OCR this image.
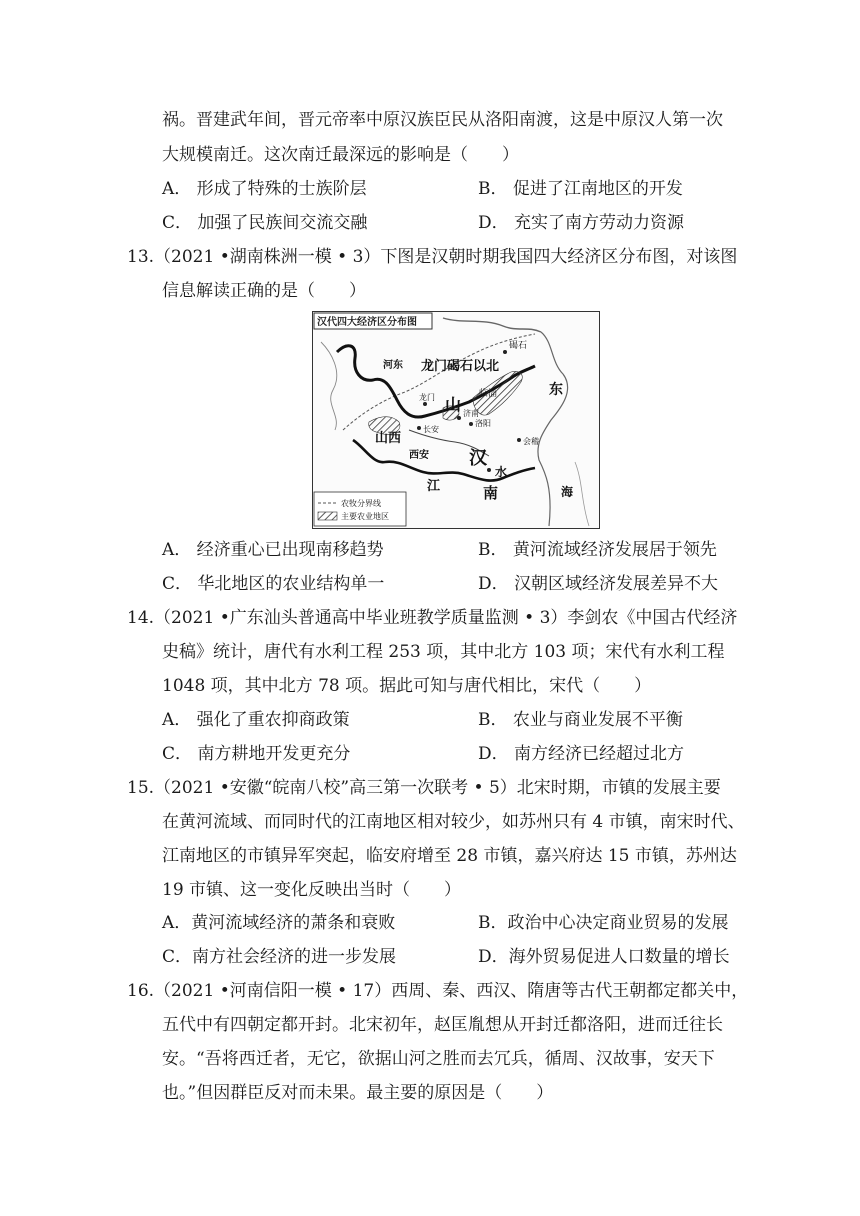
祸。晋建武年间，晋元帝率中原汉族臣民从洛阳南渡，这是中原汉人第一次
大规模南迁。这次南迁最深远的影响是（　　）
A． 形成了特殊的士族阶层	B． 促进了江南地区的开发
C． 加强了民族间交流交融	D． 充实了南方劳动力资源
13.（2021 •湖南株洲一模 • 3）下图是汉朝时期我国四大经济区分布图，对该图
信息解读正确的是（　　）
汉代四大经济区分布图
龙门碣石以北
碣石
临淄
山
东
河东
龙门
济南
洛阳
长安
山西
西安
会稽
汉
水
江	南	海
农牧分界线
主要农业地区
A． 经济重心已出现南移趋势	B． 黄河流域经济发展居于领先
C． 华北地区的农业结构单一	D． 汉朝区域经济发展差异不大
14.（2021 •广东汕头普通高中毕业班教学质量监测 • 3）李剑农《中国古代经济
史稿》统计，唐代有水利工程 253 项，其中北方 103 项；宋代有水利工程
1048 项，其中北方 78 项。据此可知与唐代相比，宋代（　　）
A． 强化了重农抑商政策	B． 农业与商业发展不平衡
C． 南方耕地开发更充分	D． 南方经济已经超过北方
15.（2021 •安徽“皖南八校”高三第一次联考 • 5）北宋时期，市镇的发展主要
在黄河流域、而同时代的江南地区相对较少，如苏州只有 4 市镇，南宋时代、
江南地区的市镇异军突起，临安府增至 28 市镇，嘉兴府达 15 市镇，苏州达
19 市镇、这一变化反映出当时（　　）
A．黄河流域经济的萧条和衰败	B．政治中心决定商业贸易的发展
C．南方社会经济的进一步发展	D．海外贸易促进人口数量的增长
16.（2021 •河南信阳一模 • 17）西周、秦、西汉、隋唐等古代王朝都定都关中，
五代中有四朝定都开封。北宋初年，赵匡胤想从开封迁都洛阳，进而迁往长
安。“吾将西迁者，无它，欲据山河之胜而去冗兵，循周、汉故事，安天下
也。”但因群臣反对而未果。最主要的原因是（　　）
